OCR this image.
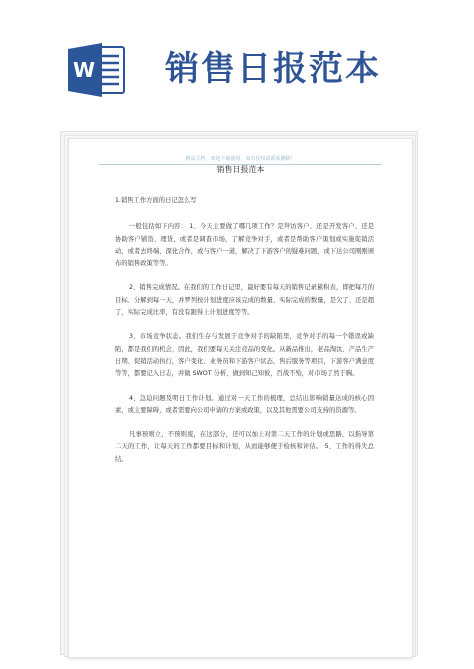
W 销售日报范本
精品文档，欢迎下载使用，如有侵权请联系删除！
销售日报范本

1.销售工作方面的日记怎么写

一般包括如下内容： 1、今天主要做了哪几项工作？是拜访客户、还是开发客户、还是协助客户铺货、理货，或者是调查市场，了解竞争对手，或者是帮助客户策划或实施促销活动，或者去终端、深化合作，或与客户一道，解决了下游客户的疑难问题，或下达公司刚刚颁布的销售政策等等。

2、销售完成情况。在我们的工作日记里，最好要有每天的销售记录累积表，即把每月的目标、分解到每一天，并罗列按计划进度应该完成的数量、实际完成的数量，是欠了、还是超了，实际完成比率，有没有跟得上计划进度等等。

3、市场竞争状态。我们生存与发展于竞争对手的缺陷里，竞争对手的每一个错误或缺陷，都是我们的机会，因此，我们要每天关注竞品的变化。从新品推出，老品淘汰、产品生产日期、促销活动执行，客户变化、业务员和下游客户状态，售后服务等项目，下游客户满意度等等，都要记入日志，并做 SWOT 分析，做到知己知彼，百战不殆，对市场了然于胸。

4、急迫问题及明日工作计划。通过对一天工作的梳理，总结出影响销量达成的核心因素，或主要障碍，或者需要向公司申请的方案或政策，以及其他需要公司支持的资源等。

凡事预则立，不预则废，在这部分，还可以加上对第二天工作的计划或思路，以指导第二天的工作，让每天的工作都要目标和计划，从而能够便于检核和评估。 5、工作的得失总结。
